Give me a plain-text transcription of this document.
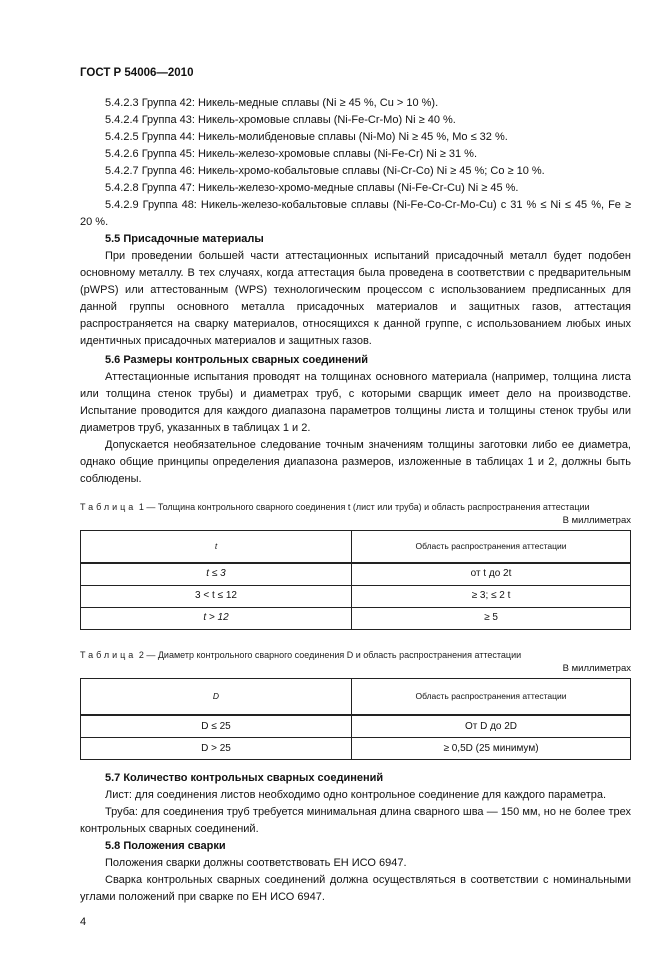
ГОСТ Р 54006—2010

5.4.2.3 Группа 42: Никель-медные сплавы (Ni ≥ 45 %, Cu > 10 %).

5.4.2.4 Группа 43: Никель-хромовые сплавы (Ni-Fe-Cr-Mo) Ni ≥ 40 %.

5.4.2.5 Группа 44: Никель-молибденовые сплавы (Ni-Mo) Ni ≥ 45 %, Mo ≤ 32 %.

5.4.2.6 Группа 45: Никель-железо-хромовые сплавы (Ni-Fe-Cr) Ni ≥ 31 %.

5.4.2.7 Группа 46: Никель-хромо-кобальтовые сплавы (Ni-Cr-Co) Ni ≥ 45 %; Co ≥ 10 %.

5.4.2.8 Группа 47: Никель-железо-хромо-медные сплавы (Ni-Fe-Cr-Cu) Ni ≥ 45 %.

5.4.2.9 Группа 48: Никель-железо-кобальтовые сплавы (Ni-Fe-Co-Cr-Mo-Cu) с 31 % ≤ Ni ≤ 45 %, Fe ≥ 20 %.

5.5 Присадочные материалы

При проведении большей части аттестационных испытаний присадочный металл будет подобен основному металлу. В тех случаях, когда аттестация была проведена в соответствии с предварительным (pWPS) или аттестованным (WPS) технологическим процессом с использованием предписанных для данной группы основного металла присадочных материалов и защитных газов, аттестация распространяется на сварку материалов, относящихся к данной группе, с использованием любых иных идентичных присадочных материалов и защитных газов.

5.6 Размеры контрольных сварных соединений

Аттестационные испытания проводят на толщинах основного материала (например, толщина листа или толщина стенок трубы) и диаметрах труб, с которыми сварщик имеет дело на производстве. Испытание проводится для каждого диапазона параметров толщины листа и толщины стенок трубы или диаметров труб, указанных в таблицах 1 и 2.

Допускается необязательное следование точным значениям толщины заготовки либо ее диаметра, однако общие принципы определения диапазона размеров, изложенные в таблицах 1 и 2, должны быть соблюдены.

Таблица 1 — Толщина контрольного сварного соединения t (лист или труба) и область распространения аттестации
В миллиметрах
t	Область распространения аттестации
t ≤ 3	от t до 2t
3 < t ≤ 12	≥ 3; ≤ 2 t
t > 12	≥ 5
Таблица 2 — Диаметр контрольного сварного соединения D и область распространения аттестации
В миллиметрах
D	Область распространения аттестации
D ≤ 25	От D до 2D
D > 25	≥ 0,5D (25 минимум)

5.7 Количество контрольных сварных соединений

Лист: для соединения листов необходимо одно контрольное соединение для каждого параметра.

Труба: для соединения труб требуется минимальная длина сварного шва — 150 мм, но не более трех контрольных сварных соединений.

5.8 Положения сварки

Положения сварки должны соответствовать ЕН ИСО 6947.

Сварка контрольных сварных соединений должна осуществляться в соответствии с номинальными углами положений при сварке по ЕН ИСО 6947.

4
